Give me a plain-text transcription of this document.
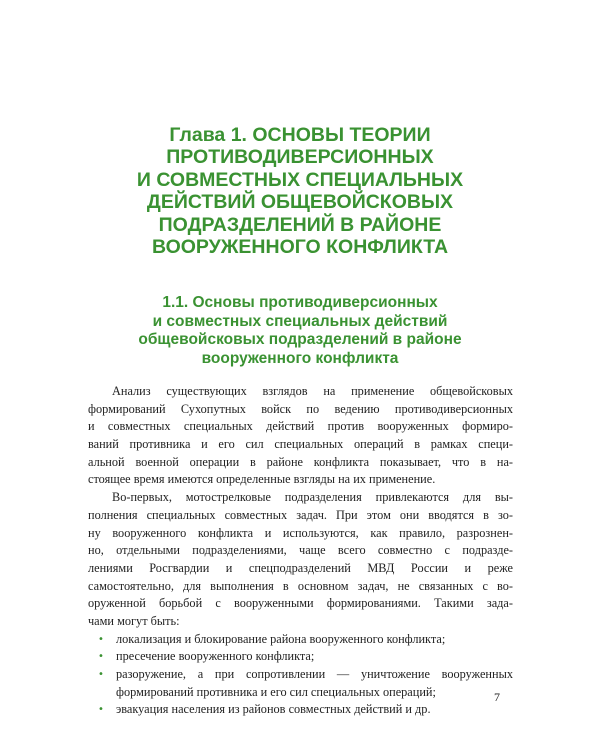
Глава 1. ОСНОВЫ ТЕОРИИ
ПРОТИВОДИВЕРСИОННЫХ
И СОВМЕСТНЫХ СПЕЦИАЛЬНЫХ
ДЕЙСТВИЙ ОБЩЕВОЙСКОВЫХ
ПОДРАЗДЕЛЕНИЙ В РАЙОНЕ
ВООРУЖЕННОГО КОНФЛИКТА
1.1. Основы противодиверсионных
и совместных специальных действий
общевойсковых подразделений в районе
вооруженного конфликта
Анализ существующих взглядов на применение общевойсковых
формирований Сухопутных войск по ведению противодиверсионных
и совместных специальных действий против вооруженных формиро-
ваний противника и его сил специальных операций в рамках специ-
альной военной операции в районе конфликта показывает, что в на-
стоящее время имеются определенные взгляды на их применение.
Во-первых, мотострелковые подразделения привлекаются для вы-
полнения специальных совместных задач. При этом они вводятся в зо-
ну вооруженного конфликта и используются, как правило, разрознен-
но, отдельными подразделениями, чаще всего совместно с подразде-
лениями Росгвардии и спецподразделений МВД России и реже
самостоятельно, для выполнения в основном задач, не связанных с во-
оруженной борьбой с вооруженными формированиями. Такими зада-
чами могут быть:
• локализация и блокирование района вооруженного конфликта;
• пресечение вооруженного конфликта;
• разоружение, а при сопротивлении — уничтожение вооруженных
формирований противника и его сил специальных операций;
• эвакуация населения из районов совместных действий и др.
7
